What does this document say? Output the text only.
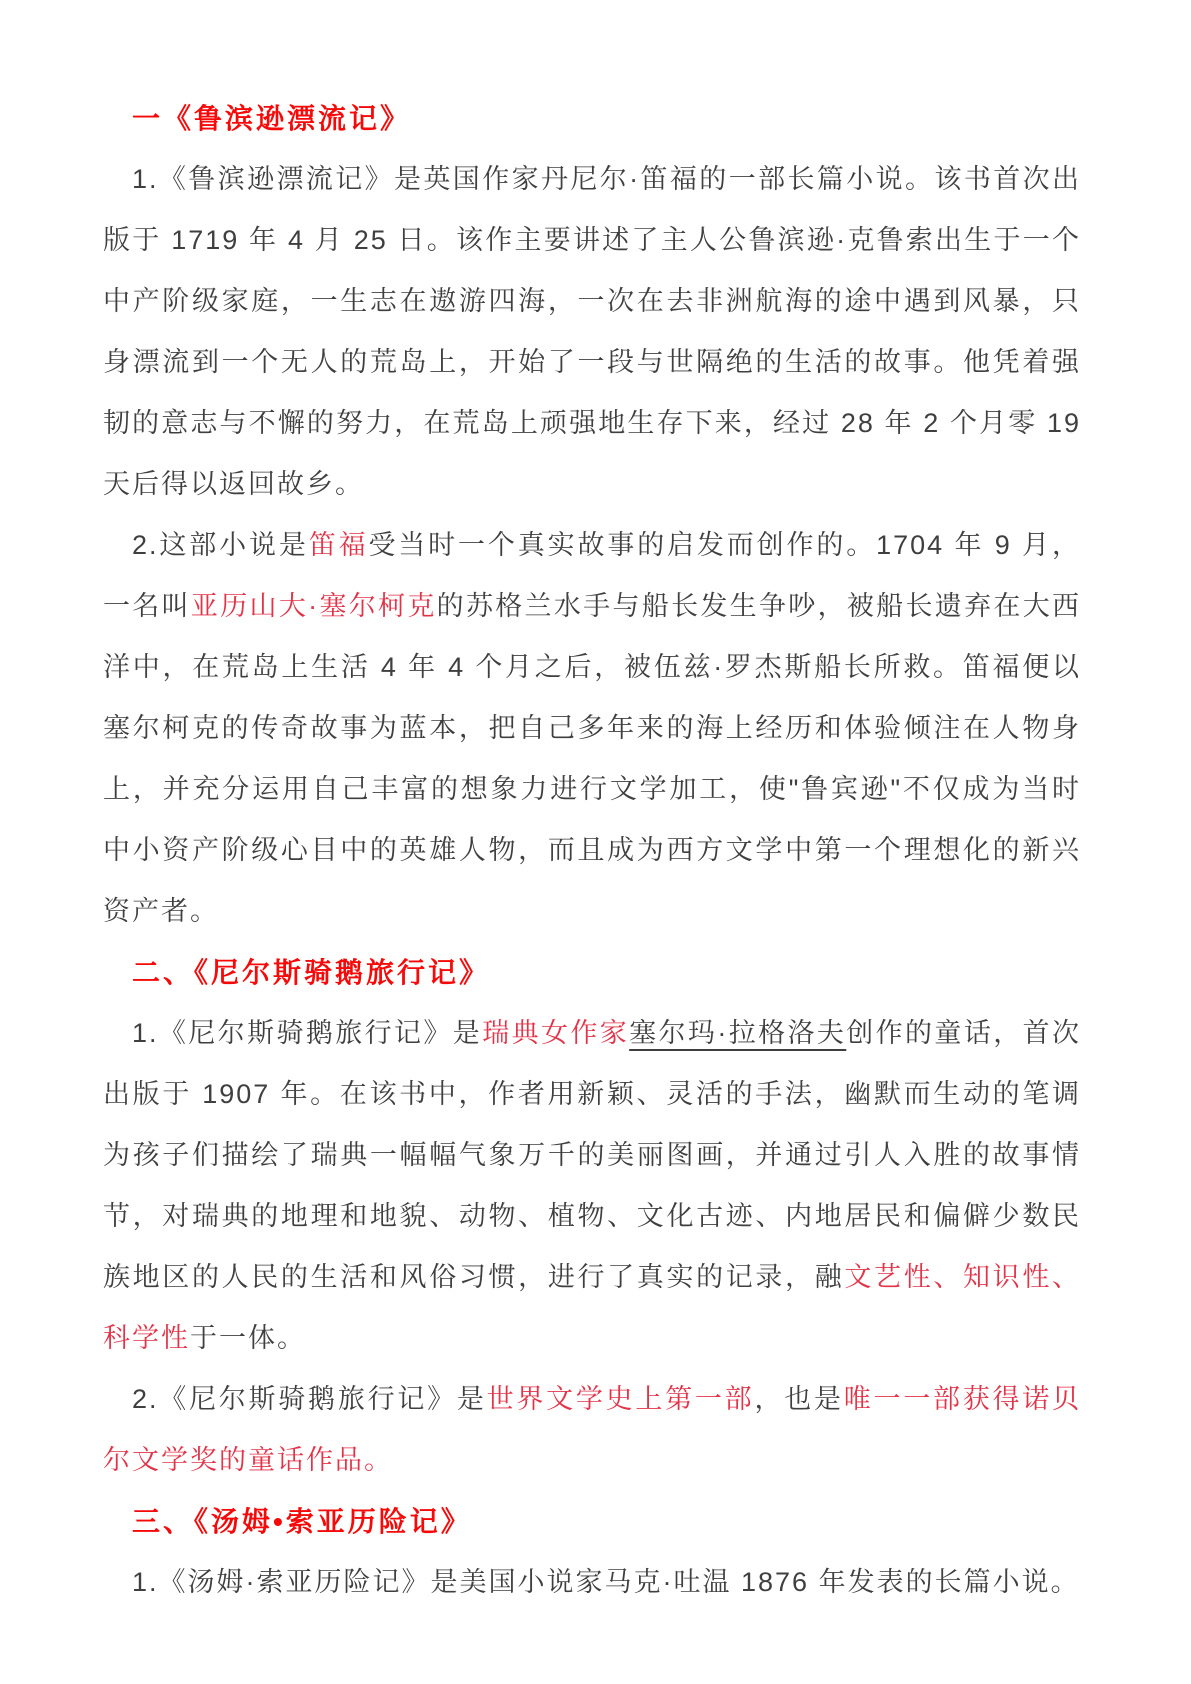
一《鲁滨逊漂流记》

1.《鲁滨逊漂流记》是英国作家丹尼尔·笛福的一部长篇小说。该书首次出版于 1719 年 4 月 25 日。该作主要讲述了主人公鲁滨逊·克鲁索出生于一个中产阶级家庭，一生志在遨游四海，一次在去非洲航海的途中遇到风暴，只身漂流到一个无人的荒岛上，开始了一段与世隔绝的生活的故事。他凭着强韧的意志与不懈的努力，在荒岛上顽强地生存下来，经过 28 年 2 个月零 19 天后得以返回故乡。

2.这部小说是笛福受当时一个真实故事的启发而创作的。1704 年 9 月，一名叫亚历山大·塞尔柯克的苏格兰水手与船长发生争吵，被船长遗弃在大西洋中，在荒岛上生活 4 年 4 个月之后，被伍兹·罗杰斯船长所救。笛福便以塞尔柯克的传奇故事为蓝本，把自己多年来的海上经历和体验倾注在人物身上，并充分运用自己丰富的想象力进行文学加工，使"鲁宾逊"不仅成为当时中小资产阶级心目中的英雄人物，而且成为西方文学中第一个理想化的新兴资产者。

二、《尼尔斯骑鹅旅行记》

1.《尼尔斯骑鹅旅行记》是瑞典女作家塞尔玛·拉格洛夫创作的童话，首次出版于 1907 年。在该书中，作者用新颖、灵活的手法，幽默而生动的笔调为孩子们描绘了瑞典一幅幅气象万千的美丽图画，并通过引人入胜的故事情节，对瑞典的地理和地貌、动物、植物、文化古迹、内地居民和偏僻少数民族地区的人民的生活和风俗习惯，进行了真实的记录，融文艺性、知识性、科学性于一体。

2.《尼尔斯骑鹅旅行记》是世界文学史上第一部，也是唯一一部获得诺贝尔文学奖的童话作品。

三、《汤姆•索亚历险记》

1.《汤姆·索亚历险记》是美国小说家马克·吐温 1876 年发表的长篇小说。
